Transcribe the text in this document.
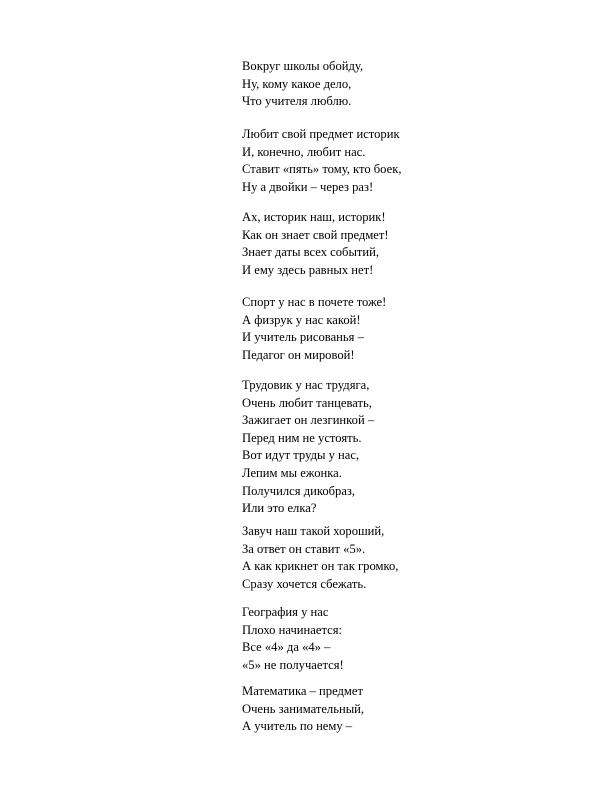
Вокруг школы обойду,
Ну, кому какое дело,
Что учителя люблю.
Любит свой предмет историк
И, конечно, любит нас.
Ставит «пять» тому, кто боек,
Ну а двойки – через раз!
Ах, историк наш, историк!
Как он знает свой предмет!
Знает даты всех событий,
И ему здесь равных нет!
Спорт у нас в почете тоже!
А физрук у нас какой!
И учитель рисованья –
Педагог он мировой!
Трудовик у нас трудяга,
Очень любит танцевать,
Зажигает он лезгинкой –
Перед ним не устоять.
Вот идут труды у нас,
Лепим мы ежонка.
Получился дикобраз,
Или это елка?
Завуч наш такой хороший,
За ответ он ставит «5».
А как крикнет он так громко,
Сразу хочется сбежать.
География у нас
Плохо начинается:
Все «4» да «4» –
«5» не получается!
Математика – предмет
Очень занимательный,
А учитель по нему –
